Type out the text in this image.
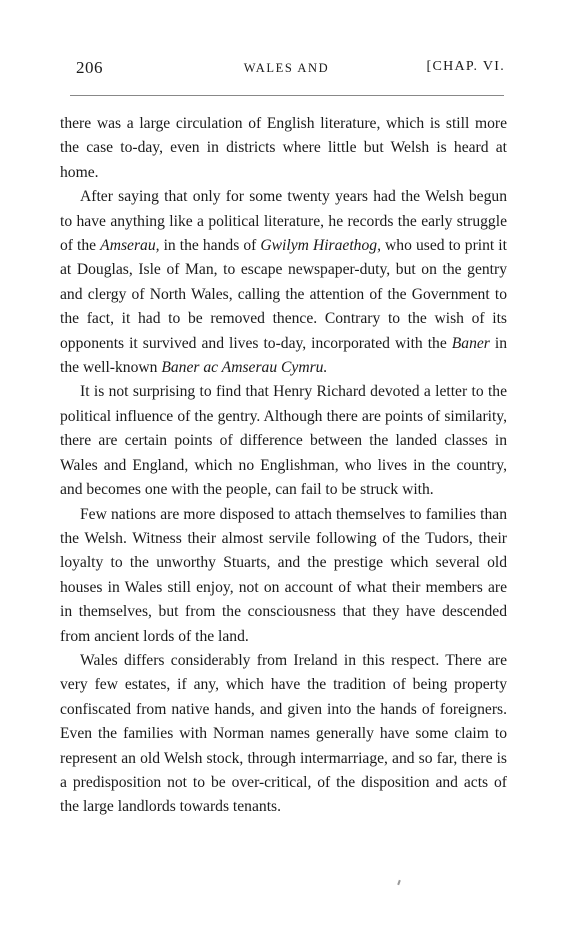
206	WALES AND	[CHAP. VI.

there was a large circulation of English literature, which is still more the case to-day, even in districts where little but Welsh is heard at home.

After saying that only for some twenty years had the Welsh begun to have anything like a political literature, he records the early struggle of the Amserau, in the hands of Gwilym Hiraethog, who used to print it at Douglas, Isle of Man, to escape newspaper-duty, but on the gentry and clergy of North Wales, calling the attention of the Government to the fact, it had to be removed thence. Contrary to the wish of its opponents it survived and lives to-day, incorporated with the Baner in the well-known Baner ac Amserau Cymru.

It is not surprising to find that Henry Richard devoted a letter to the political influence of the gentry. Although there are points of similarity, there are certain points of difference between the landed classes in Wales and England, which no Englishman, who lives in the country, and becomes one with the people, can fail to be struck with.

Few nations are more disposed to attach themselves to families than the Welsh. Witness their almost servile following of the Tudors, their loyalty to the unworthy Stuarts, and the prestige which several old houses in Wales still enjoy, not on account of what their members are in themselves, but from the consciousness that they have descended from ancient lords of the land.

Wales differs considerably from Ireland in this respect. There are very few estates, if any, which have the tradition of being property confiscated from native hands, and given into the hands of foreigners. Even the families with Norman names generally have some claim to represent an old Welsh stock, through intermarriage, and so far, there is a predisposition not to be over-critical, of the disposition and acts of the large landlords towards tenants.
